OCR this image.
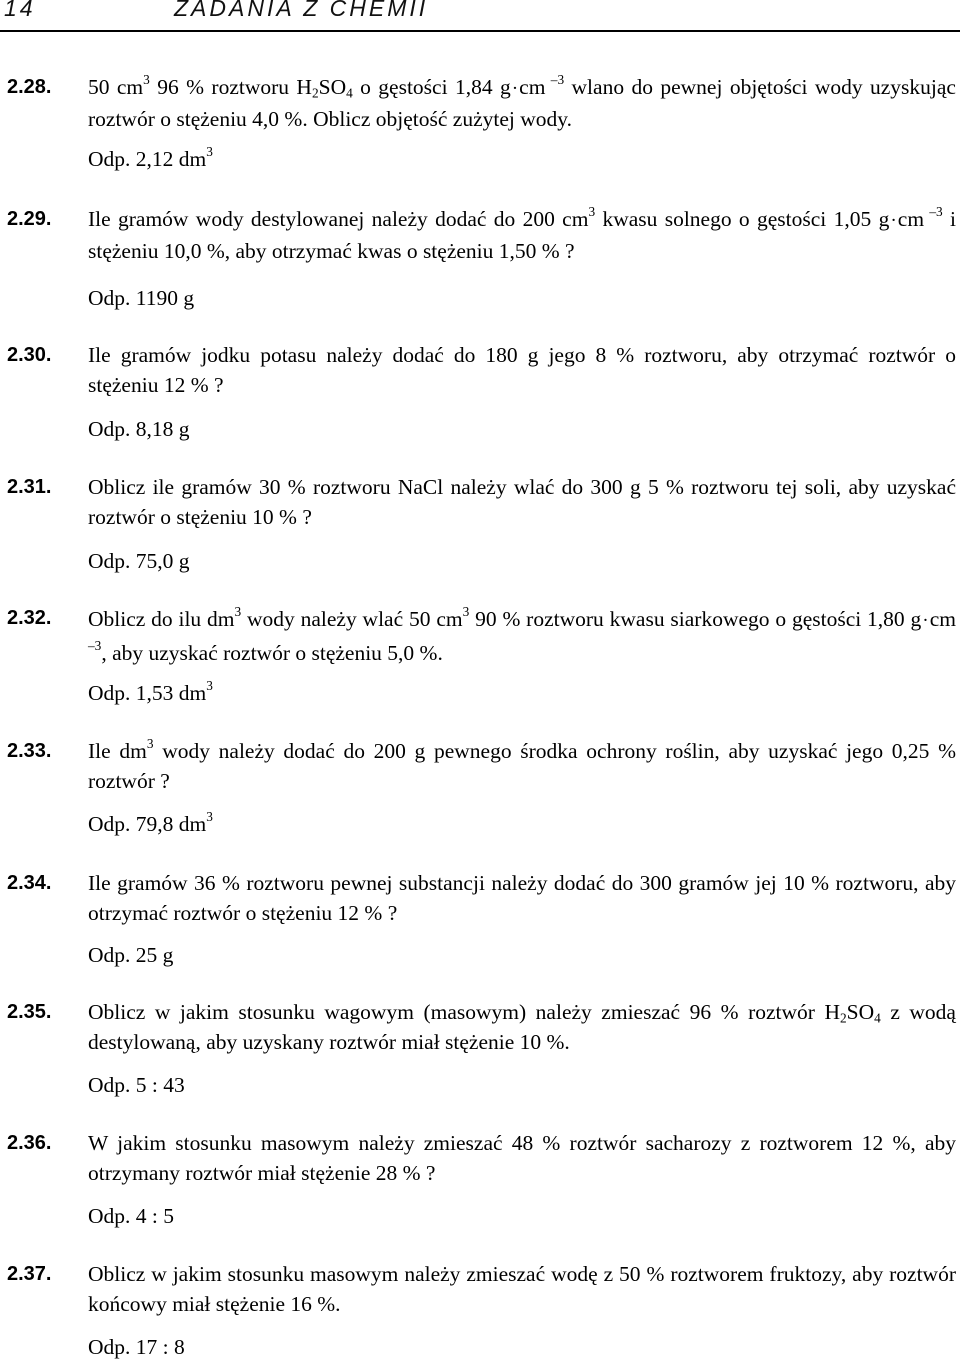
14	ZADANIA Z CHEMII
2.28. 50 $cm^3$ 96 % roztworu $H_2SO_4$ o gęstości 1,84 g·cm $^{-3}$ wlano do pewnej objętości wody uzyskując roztwór o stężeniu 4,0 %. Oblicz objętość zużytej wody.
Odp. 2,12 $dm^3$
2.29. Ile gramów wody destylowanej należy dodać do 200 $cm^3$ kwasu solnego o gęstości 1,05 g·cm $^{-3}$ i stężeniu 10,0 %, aby otrzymać kwas o stężeniu 1,50 % ?
Odp. 1190 g
2.30. Ile gramów jodku potasu należy dodać do 180 g jego 8 % roztworu, aby otrzymać roztwór o stężeniu 12 % ?
Odp. 8,18 g
2.31. Oblicz ile gramów 30 % roztworu NaCl należy wlać do 300 g 5 % roztworu tej soli, aby uzyskać roztwór o stężeniu 10 % ?
Odp. 75,0 g
2.32. Oblicz do ilu $dm^3$ wody należy wlać 50 $cm^3$ 90 % roztworu kwasu siarkowego o gęstości 1,80 g·cm $^{-3}$, aby uzyskać roztwór o stężeniu 5,0 %.
Odp. 1,53 $dm^3$
2.33. Ile $dm^3$ wody należy dodać do 200 g pewnego środka ochrony roślin, aby uzyskać jego 0,25 % roztwór ?
Odp. 79,8 $dm^3$
2.34. Ile gramów 36 % roztworu pewnej substancji należy dodać do 300 gramów jej 10 % roztworu, aby otrzymać roztwór o stężeniu 12 % ?
Odp. 25 g
2.35. Oblicz w jakim stosunku wagowym (masowym) należy zmieszać 96 % roztwór $H_2SO_4$ z wodą destylowaną, aby uzyskany roztwór miał stężenie 10 %.
Odp. 5 : 43
2.36. W jakim stosunku masowym należy zmieszać 48 % roztwór sacharozy z roztworem 12 %, aby otrzymany roztwór miał stężenie 28 % ?
Odp. 4 : 5
2.37. Oblicz w jakim stosunku masowym należy zmieszać wodę z 50 % roztworem fruktozy, aby roztwór końcowy miał stężenie 16 %.
Odp. 17 : 8
